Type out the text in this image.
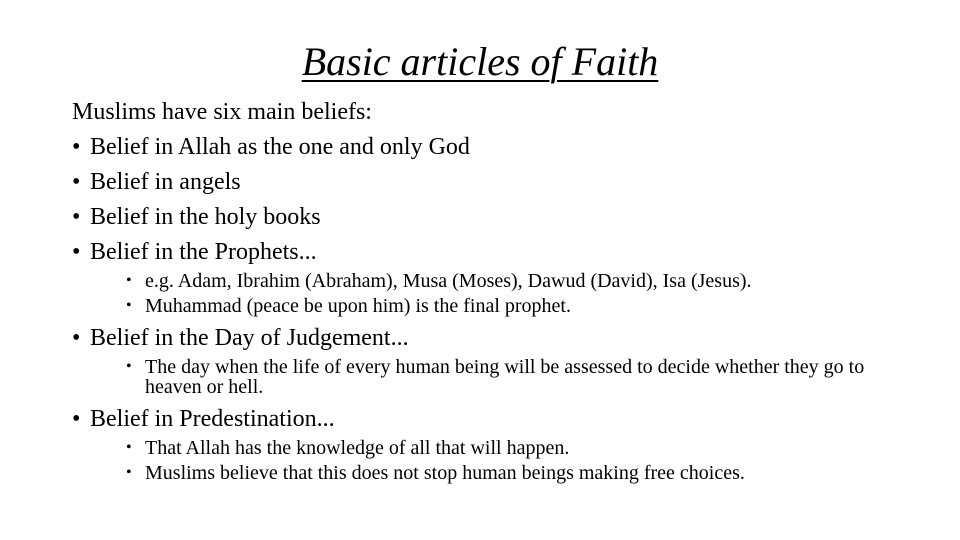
Basic articles of Faith

Muslims have six main beliefs:

• Belief in Allah as the one and only God
• Belief in angels
• Belief in the holy books
• Belief in the Prophets...
• e.g. Adam, Ibrahim (Abraham), Musa (Moses), Dawud (David), Isa (Jesus).
• Muhammad (peace be upon him) is the final prophet.
• Belief in the Day of Judgement...
• The day when the life of every human being will be assessed to decide whether they go to heaven or hell.
• Belief in Predestination...
• That Allah has the knowledge of all that will happen.
• Muslims believe that this does not stop human beings making free choices.
